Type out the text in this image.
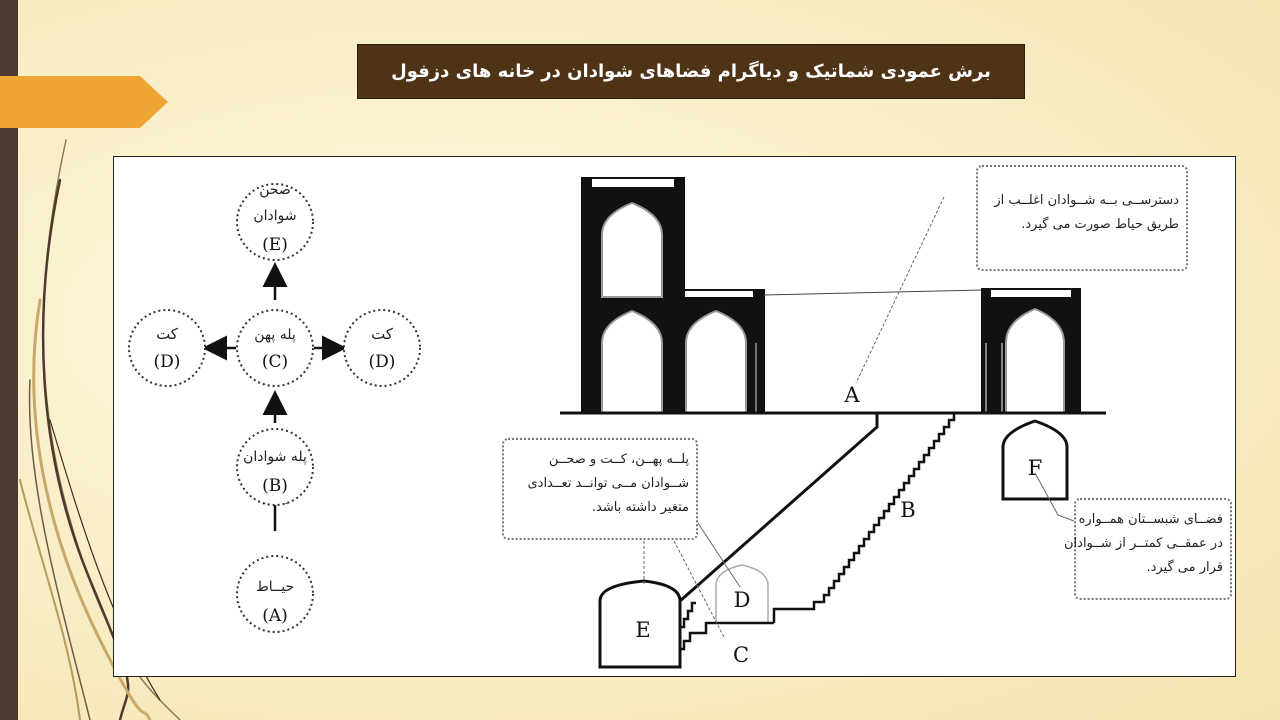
برش عمودی شماتیک و دیاگرام فضاهای شوادان در خانه های دزفول
صحن
شوادان
(E)
کت
(D)
پله پهن
(C)
کت
(D)
پله شوادان
(B)
حیــاط
(A)
A
B
C
D
E
F
دسترســی بــه شــوادان اغلــب از
طریق حیاط صورت می گیرد.
پلــه پهــن، کــت و صحــن
شــوادان مــی توانــد تعــدادی
متغیر داشته باشد.
فضــای شبســتان همــواره
در عمقــی کمتــر از شــوادان
قرار می گیرد.
